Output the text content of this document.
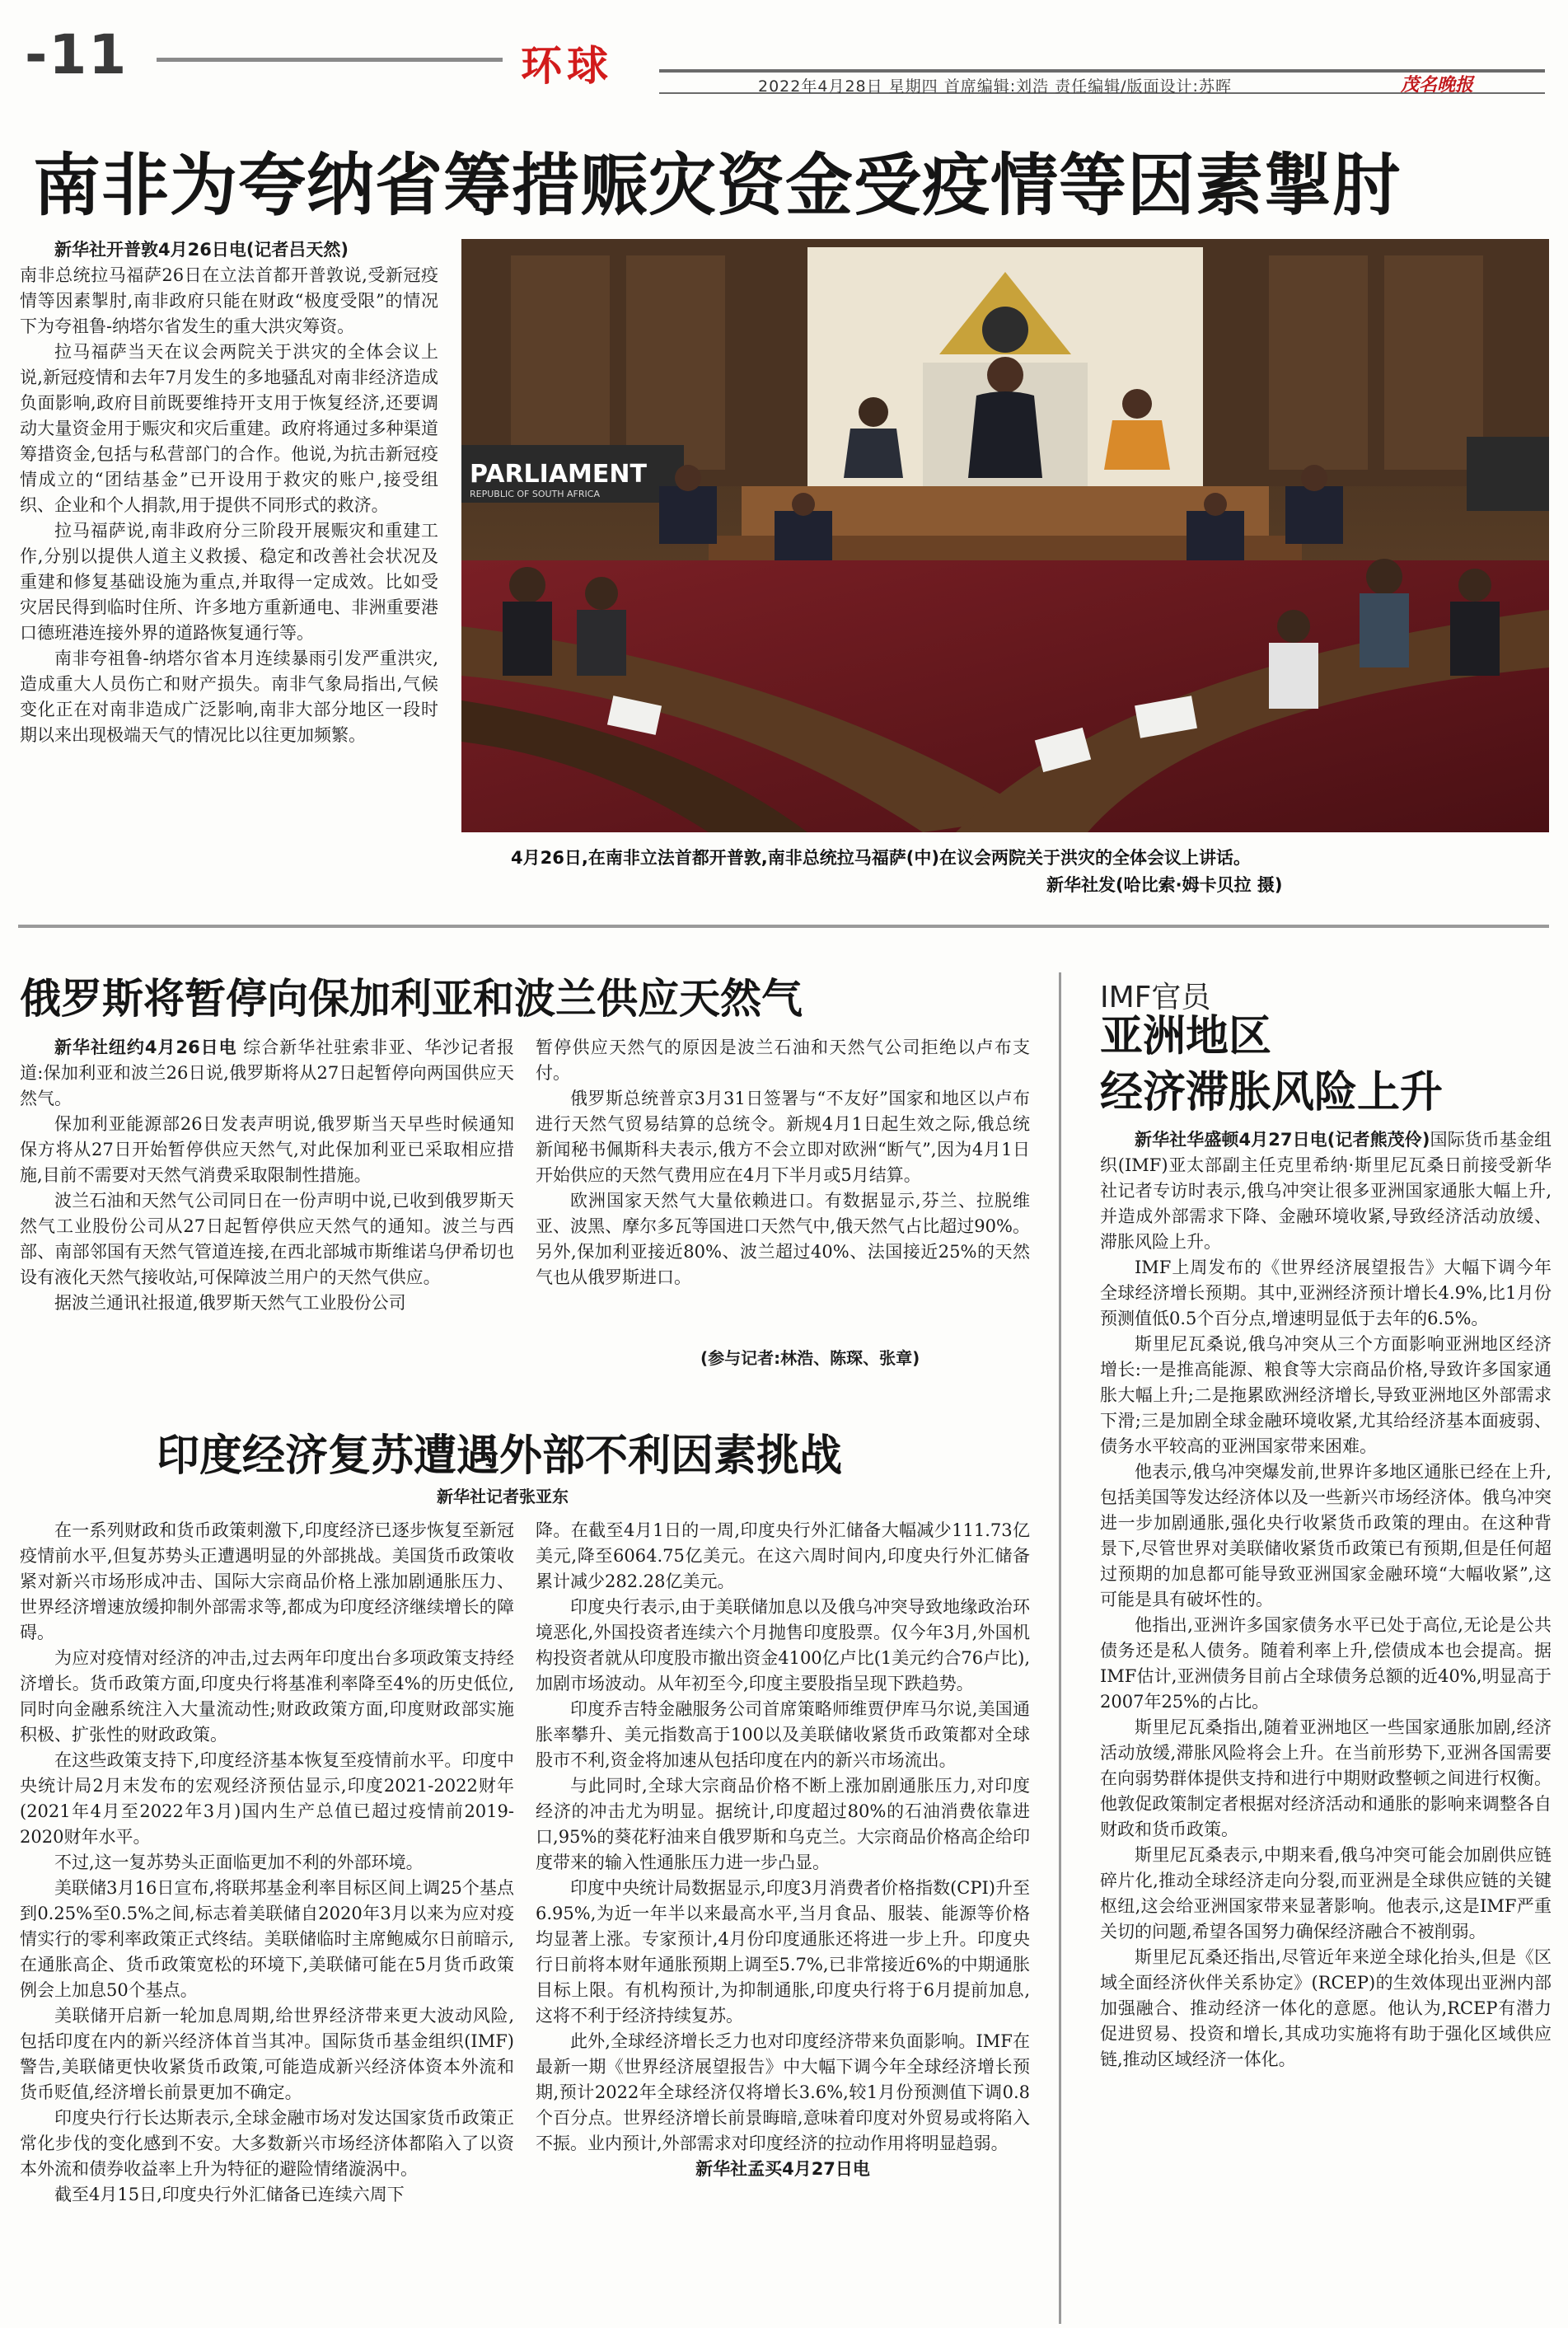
-11	环球	2022年4月28日 星期四 首席编辑:刘浩 责任编辑/版面设计:苏晖	茂名晚报
南非为夸纳省筹措赈灾资金受疫情等因素掣肘

新华社开普敦4月26日电(记者吕天然)

南非总统拉马福萨26日在立法首都开普敦说,受新冠疫情等因素掣肘,南非政府只能在财政“极度受限”的情况下为夸祖鲁-纳塔尔省发生的重大洪灾筹资。

拉马福萨当天在议会两院关于洪灾的全体会议上说,新冠疫情和去年7月发生的多地骚乱对南非经济造成负面影响,政府目前既要维持开支用于恢复经济,还要调动大量资金用于赈灾和灾后重建。政府将通过多种渠道筹措资金,包括与私营部门的合作。他说,为抗击新冠疫情成立的“团结基金”已开设用于救灾的账户,接受组织、企业和个人捐款,用于提供不同形式的救济。

拉马福萨说,南非政府分三阶段开展赈灾和重建工作,分别以提供人道主义救援、稳定和改善社会状况及重建和修复基础设施为重点,并取得一定成效。比如受灾居民得到临时住所、许多地方重新通电、非洲重要港口德班港连接外界的道路恢复通行等。

南非夸祖鲁-纳塔尔省本月连续暴雨引发严重洪灾,造成重大人员伤亡和财产损失。南非气象局指出,气候变化正在对南非造成广泛影响,南非大部分地区一段时期以来出现极端天气的情况比以往更加频繁。

PARLIAMENT
REPUBLIC OF SOUTH AFRICA
4月26日,在南非立法首都开普敦,南非总统拉马福萨(中)在议会两院关于洪灾的全体会议上讲话。
新华社发(哈比索·姆卡贝拉 摄)
俄罗斯将暂停向保加利亚和波兰供应天然气

新华社纽约4月26日电 综合新华社驻索非亚、华沙记者报道:保加利亚和波兰26日说,俄罗斯将从27日起暂停向两国供应天然气。

保加利亚能源部26日发表声明说,俄罗斯当天早些时候通知保方将从27日开始暂停供应天然气,对此保加利亚已采取相应措施,目前不需要对天然气消费采取限制性措施。

波兰石油和天然气公司同日在一份声明中说,已收到俄罗斯天然气工业股份公司从27日起暂停供应天然气的通知。波兰与西部、南部邻国有天然气管道连接,在西北部城市斯维诺乌伊希切也设有液化天然气接收站,可保障波兰用户的天然气供应。

据波兰通讯社报道,俄罗斯天然气工业股份公司

暂停供应天然气的原因是波兰石油和天然气公司拒绝以卢布支付。

俄罗斯总统普京3月31日签署与“不友好”国家和地区以卢布进行天然气贸易结算的总统令。新规4月1日起生效之际,俄总统新闻秘书佩斯科夫表示,俄方不会立即对欧洲“断气”,因为4月1日开始供应的天然气费用应在4月下半月或5月结算。

欧洲国家天然气大量依赖进口。有数据显示,芬兰、拉脱维亚、波黑、摩尔多瓦等国进口天然气中,俄天然气占比超过90%。另外,保加利亚接近80%、波兰超过40%、法国接近25%的天然气也从俄罗斯进口。

(参与记者:林浩、陈琛、张章)
印度经济复苏遭遇外部不利因素挑战
新华社记者张亚东

在一系列财政和货币政策刺激下,印度经济已逐步恢复至新冠疫情前水平,但复苏势头正遭遇明显的外部挑战。美国货币政策收紧对新兴市场形成冲击、国际大宗商品价格上涨加剧通胀压力、世界经济增速放缓抑制外部需求等,都成为印度经济继续增长的障碍。

为应对疫情对经济的冲击,过去两年印度出台多项政策支持经济增长。货币政策方面,印度央行将基准利率降至4%的历史低位,同时向金融系统注入大量流动性;财政政策方面,印度财政部实施积极、扩张性的财政政策。

在这些政策支持下,印度经济基本恢复至疫情前水平。印度中央统计局2月末发布的宏观经济预估显示,印度2021-2022财年(2021年4月至2022年3月)国内生产总值已超过疫情前2019-2020财年水平。

不过,这一复苏势头正面临更加不利的外部环境。

美联储3月16日宣布,将联邦基金利率目标区间上调25个基点到0.25%至0.5%之间,标志着美联储自2020年3月以来为应对疫情实行的零利率政策正式终结。美联储临时主席鲍威尔日前暗示,在通胀高企、货币政策宽松的环境下,美联储可能在5月货币政策例会上加息50个基点。

美联储开启新一轮加息周期,给世界经济带来更大波动风险,包括印度在内的新兴经济体首当其冲。国际货币基金组织(IMF)警告,美联储更快收紧货币政策,可能造成新兴经济体资本外流和货币贬值,经济增长前景更加不确定。

印度央行行长达斯表示,全球金融市场对发达国家货币政策正常化步伐的变化感到不安。大多数新兴市场经济体都陷入了以资本外流和债券收益率上升为特征的避险情绪漩涡中。

截至4月15日,印度央行外汇储备已连续六周下

降。在截至4月1日的一周,印度央行外汇储备大幅减少111.73亿美元,降至6064.75亿美元。在这六周时间内,印度央行外汇储备累计减少282.28亿美元。

印度央行表示,由于美联储加息以及俄乌冲突导致地缘政治环境恶化,外国投资者连续六个月抛售印度股票。仅今年3月,外国机构投资者就从印度股市撤出资金4100亿卢比(1美元约合76卢比),加剧市场波动。从年初至今,印度主要股指呈现下跌趋势。

印度乔吉特金融服务公司首席策略师维贾伊库马尔说,美国通胀率攀升、美元指数高于100以及美联储收紧货币政策都对全球股市不利,资金将加速从包括印度在内的新兴市场流出。

与此同时,全球大宗商品价格不断上涨加剧通胀压力,对印度经济的冲击尤为明显。据统计,印度超过80%的石油消费依靠进口,95%的葵花籽油来自俄罗斯和乌克兰。大宗商品价格高企给印度带来的输入性通胀压力进一步凸显。

印度中央统计局数据显示,印度3月消费者价格指数(CPI)升至6.95%,为近一年半以来最高水平,当月食品、服装、能源等价格均显著上涨。专家预计,4月份印度通胀还将进一步上升。印度央行日前将本财年通胀预期上调至5.7%,已非常接近6%的中期通胀目标上限。有机构预计,为抑制通胀,印度央行将于6月提前加息,这将不利于经济持续复苏。

此外,全球经济增长乏力也对印度经济带来负面影响。IMF在最新一期《世界经济展望报告》中大幅下调今年全球经济增长预期,预计2022年全球经济仅将增长3.6%,较1月份预测值下调0.8个百分点。世界经济增长前景晦暗,意味着印度对外贸易或将陷入不振。业内预计,外部需求对印度经济的拉动作用将明显趋弱。

新华社孟买4月27日电

IMF官员
亚洲地区
经济滞胀风险上升

新华社华盛顿4月27日电(记者熊茂伶)国际货币基金组织(IMF)亚太部副主任克里希纳·斯里尼瓦桑日前接受新华社记者专访时表示,俄乌冲突让很多亚洲国家通胀大幅上升,并造成外部需求下降、金融环境收紧,导致经济活动放缓、滞胀风险上升。

IMF上周发布的《世界经济展望报告》大幅下调今年全球经济增长预期。其中,亚洲经济预计增长4.9%,比1月份预测值低0.5个百分点,增速明显低于去年的6.5%。

斯里尼瓦桑说,俄乌冲突从三个方面影响亚洲地区经济增长:一是推高能源、粮食等大宗商品价格,导致许多国家通胀大幅上升;二是拖累欧洲经济增长,导致亚洲地区外部需求下滑;三是加剧全球金融环境收紧,尤其给经济基本面疲弱、债务水平较高的亚洲国家带来困难。

他表示,俄乌冲突爆发前,世界许多地区通胀已经在上升,包括美国等发达经济体以及一些新兴市场经济体。俄乌冲突进一步加剧通胀,强化央行收紧货币政策的理由。在这种背景下,尽管世界对美联储收紧货币政策已有预期,但是任何超过预期的加息都可能导致亚洲国家金融环境“大幅收紧”,这可能是具有破坏性的。

他指出,亚洲许多国家债务水平已处于高位,无论是公共债务还是私人债务。随着利率上升,偿债成本也会提高。据IMF估计,亚洲债务目前占全球债务总额的近40%,明显高于2007年25%的占比。

斯里尼瓦桑指出,随着亚洲地区一些国家通胀加剧,经济活动放缓,滞胀风险将会上升。在当前形势下,亚洲各国需要在向弱势群体提供支持和进行中期财政整顿之间进行权衡。他敦促政策制定者根据对经济活动和通胀的影响来调整各自财政和货币政策。

斯里尼瓦桑表示,中期来看,俄乌冲突可能会加剧供应链碎片化,推动全球经济走向分裂,而亚洲是全球供应链的关键枢纽,这会给亚洲国家带来显著影响。他表示,这是IMF严重关切的问题,希望各国努力确保经济融合不被削弱。

斯里尼瓦桑还指出,尽管近年来逆全球化抬头,但是《区域全面经济伙伴关系协定》(RCEP)的生效体现出亚洲内部加强融合、推动经济一体化的意愿。他认为,RCEP有潜力促进贸易、投资和增长,其成功实施将有助于强化区域供应链,推动区域经济一体化。
